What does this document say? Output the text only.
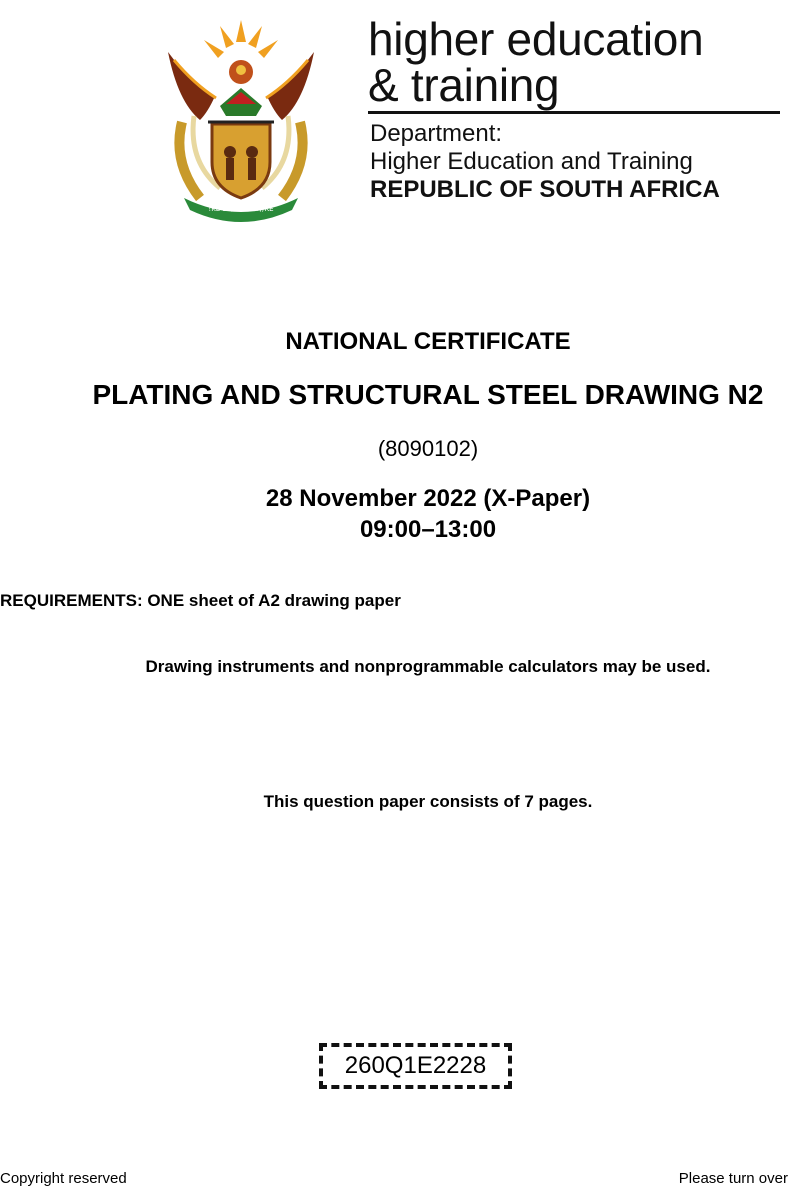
!KE E: /XARRA //KE
higher education
& training
Department:
Higher Education and Training
REPUBLIC OF SOUTH AFRICA
NATIONAL CERTIFICATE
PLATING AND STRUCTURAL STEEL DRAWING N2
(8090102)
28 November 2022 (X-Paper)
09:00–13:00
REQUIREMENTS: ONE sheet of A2 drawing paper
Drawing instruments and nonprogrammable calculators may be used.
This question paper consists of 7 pages.
260Q1E2228
Copyright reserved	Please turn over
